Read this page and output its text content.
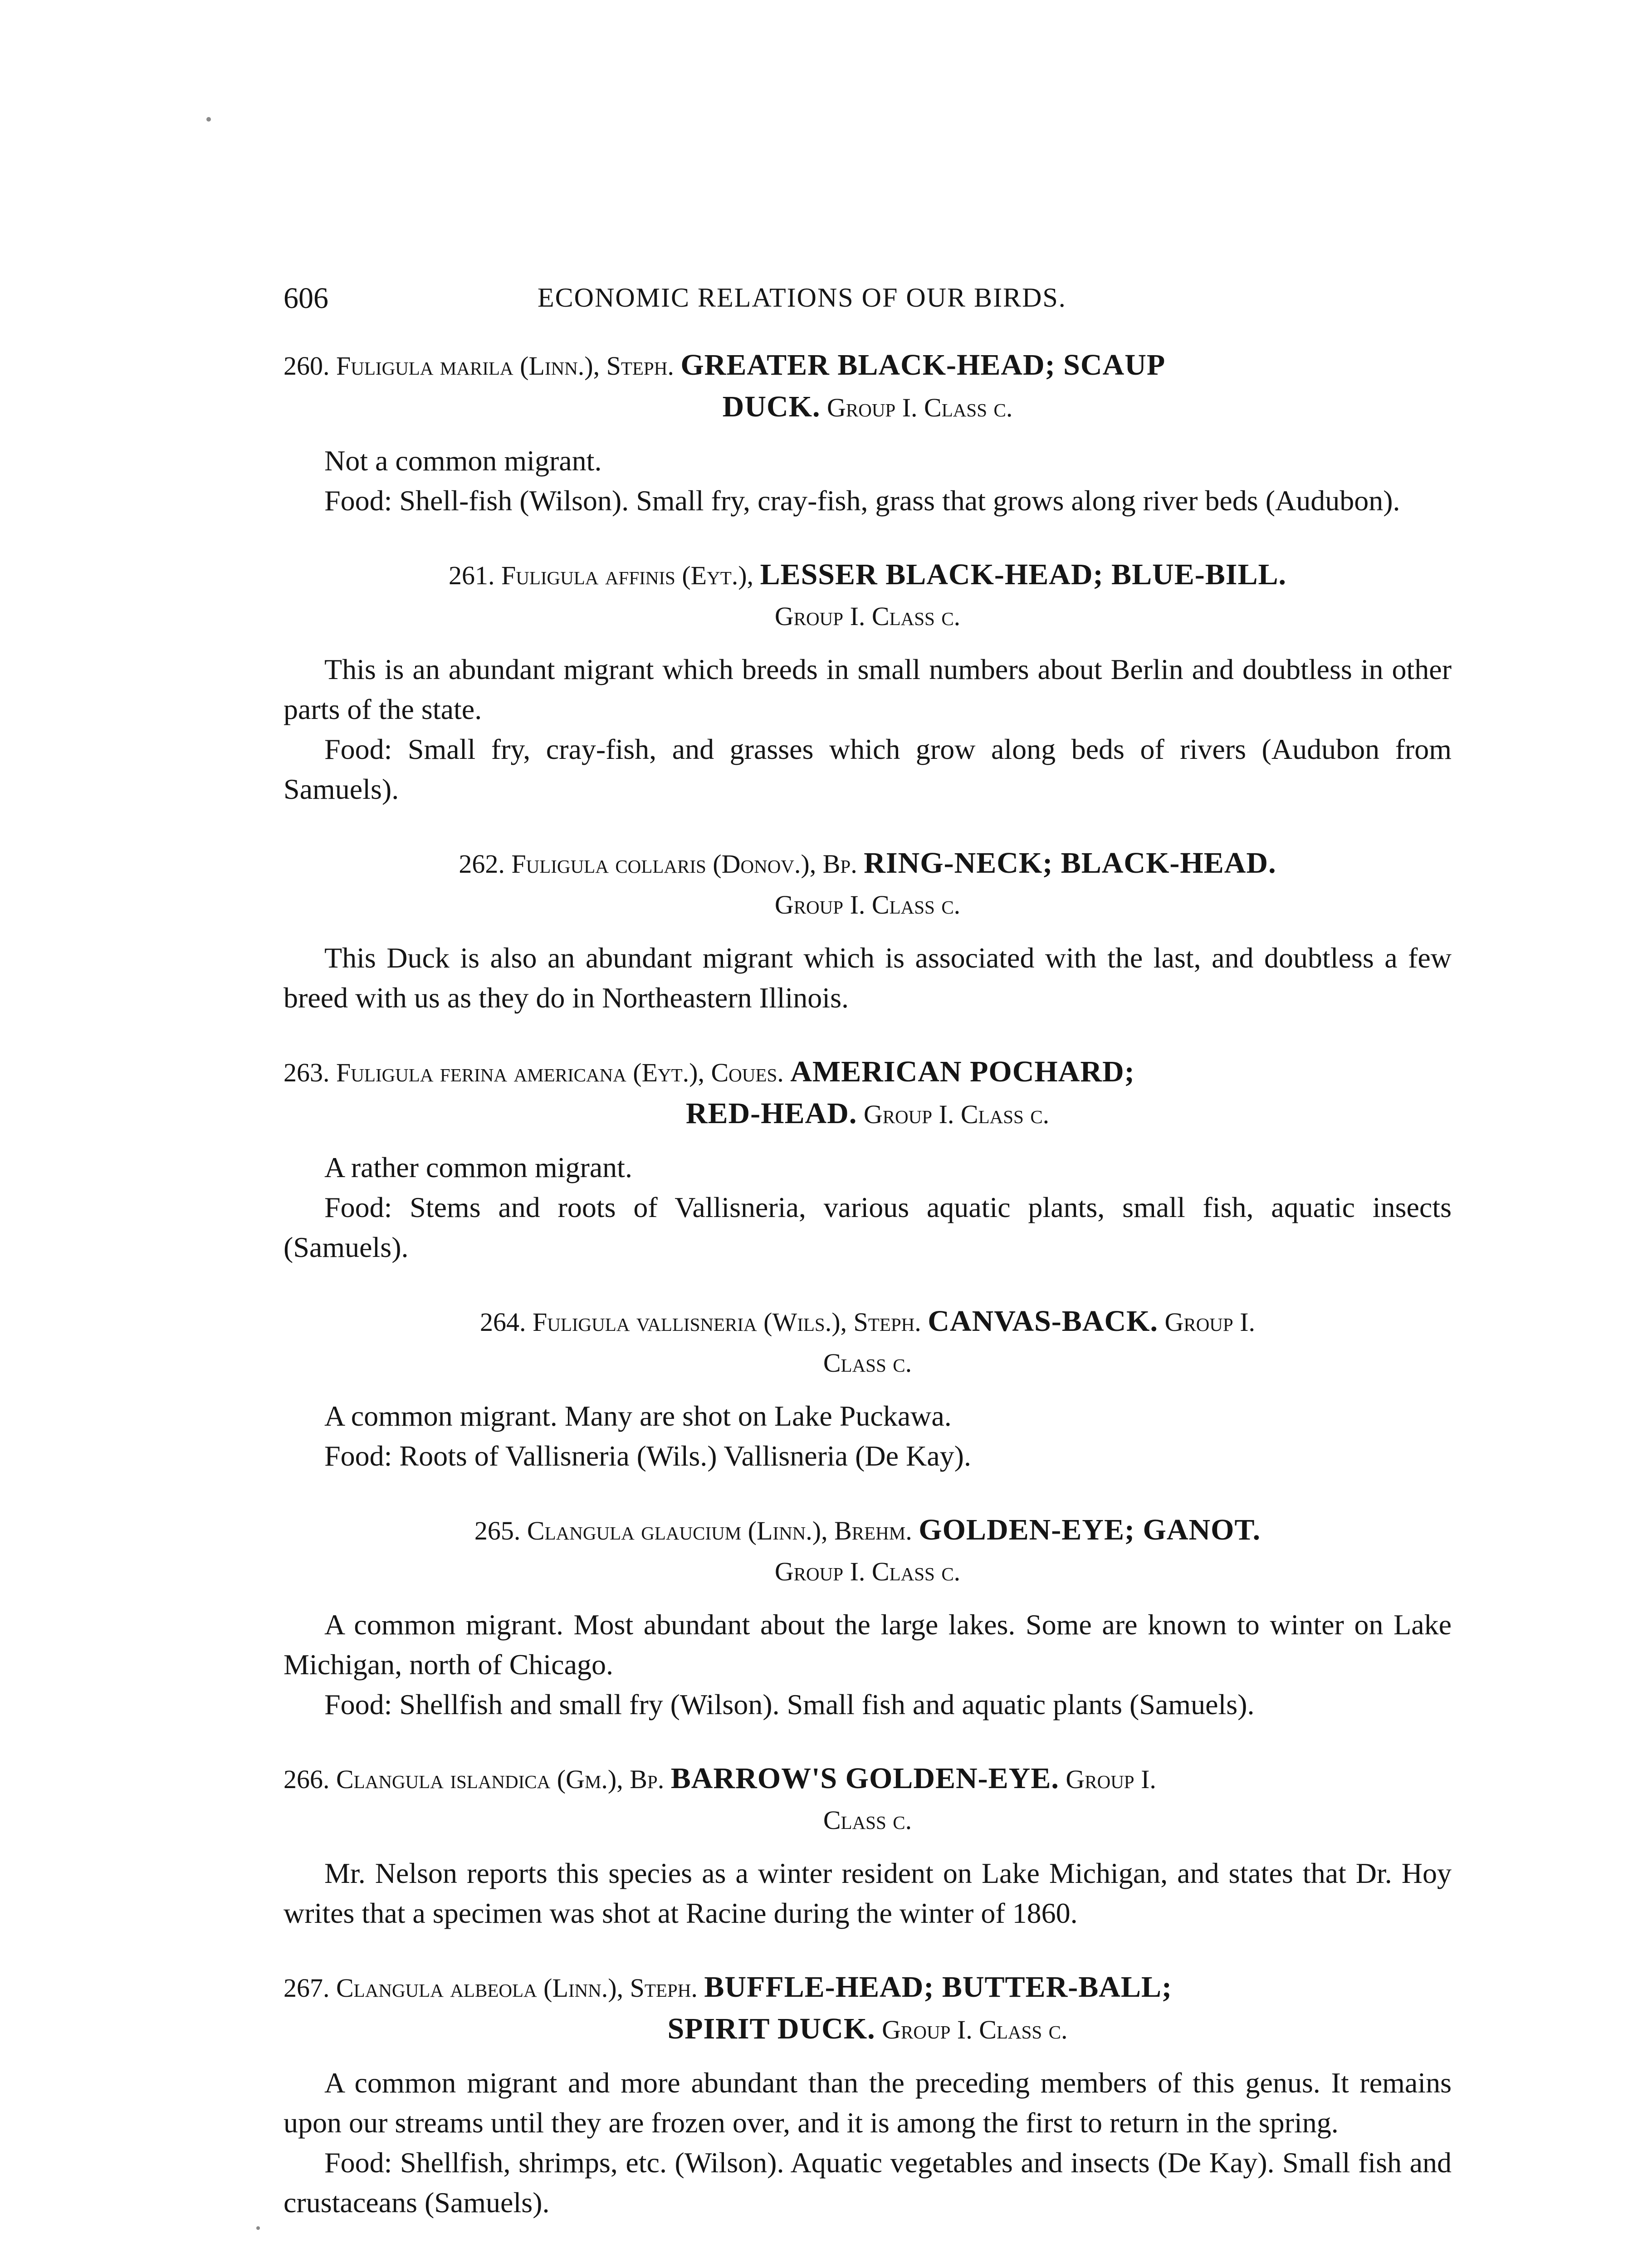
606	ECONOMIC RELATIONS OF OUR BIRDS.
260. Fuligula marila (Linn.), Steph. GREATER BLACK-HEAD; SCAUP
DUCK. Group I. Class c.

Not a common migrant.

Food: Shell-fish (Wilson). Small fry, cray-fish, grass that grows along river beds (Audubon).

261. Fuligula affinis (Eyt.), LESSER BLACK-HEAD; BLUE-BILL.
Group I. Class c.

This is an abundant migrant which breeds in small numbers about Berlin and doubtless in other parts of the state.

Food: Small fry, cray-fish, and grasses which grow along beds of rivers (Audubon from Samuels).

262. Fuligula collaris (Donov.), Bp. RING-NECK; BLACK-HEAD.
Group I. Class c.

This Duck is also an abundant migrant which is associated with the last, and doubtless a few breed with us as they do in Northeastern Illinois.

263. Fuligula ferina americana (Eyt.), Coues. AMERICAN POCHARD;
RED-HEAD. Group I. Class c.

A rather common migrant.

Food: Stems and roots of Vallisneria, various aquatic plants, small fish, aquatic insects (Samuels).

264. Fuligula vallisneria (Wils.), Steph. CANVAS-BACK. Group I.
Class c.

A common migrant. Many are shot on Lake Puckawa.

Food: Roots of Vallisneria (Wils.) Vallisneria (De Kay).

265. Clangula glaucium (Linn.), Brehm. GOLDEN-EYE; GANOT.
Group I. Class c.

A common migrant. Most abundant about the large lakes. Some are known to winter on Lake Michigan, north of Chicago.

Food: Shellfish and small fry (Wilson). Small fish and aquatic plants (Samuels).

266. Clangula islandica (Gm.), Bp. BARROW'S GOLDEN-EYE. Group I.
Class c.

Mr. Nelson reports this species as a winter resident on Lake Michigan, and states that Dr. Hoy writes that a specimen was shot at Racine during the winter of 1860.

267. Clangula albeola (Linn.), Steph. BUFFLE-HEAD; BUTTER-BALL;
SPIRIT DUCK. Group I. Class c.

A common migrant and more abundant than the preceding members of this genus. It remains upon our streams until they are frozen over, and it is among the first to return in the spring.

Food: Shellfish, shrimps, etc. (Wilson). Aquatic vegetables and insects (De Kay). Small fish and crustaceans (Samuels).
